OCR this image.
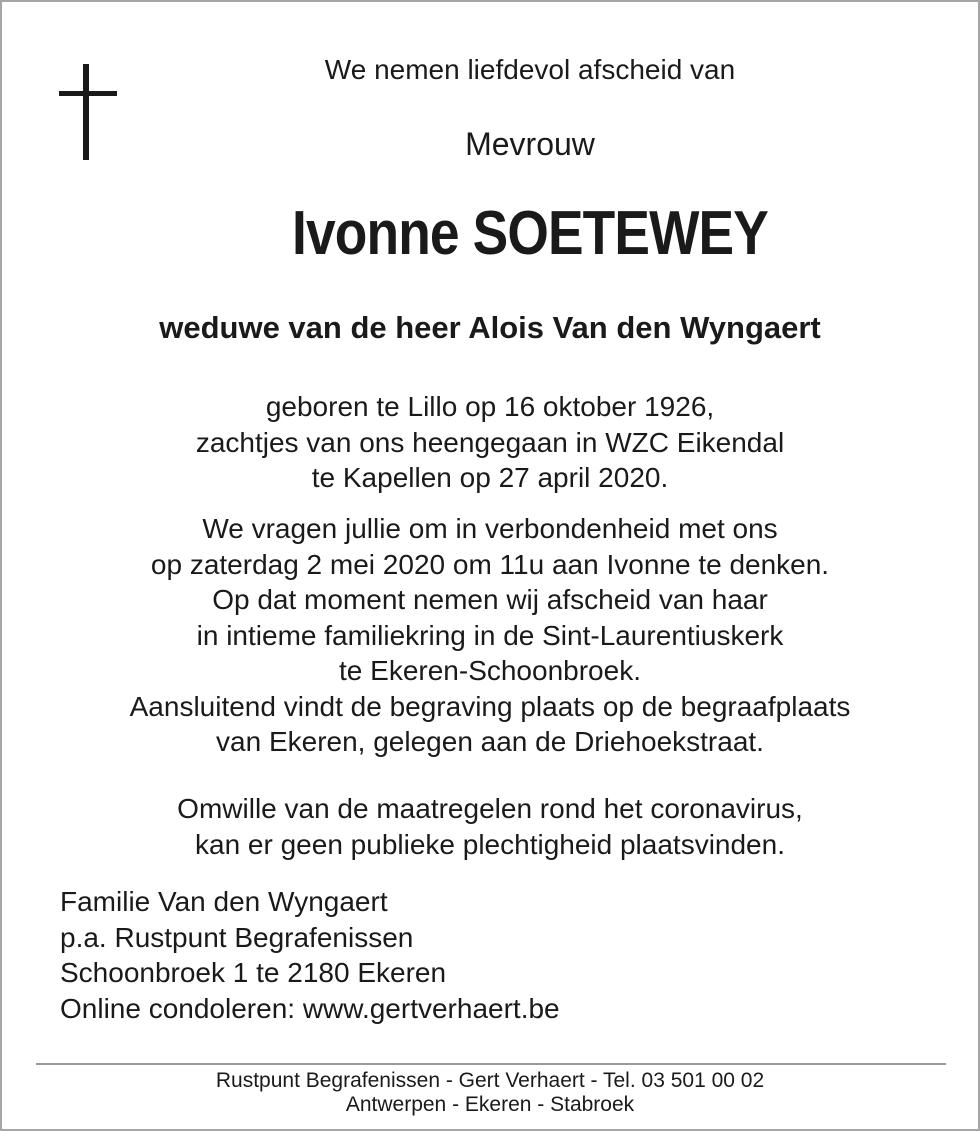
We nemen liefdevol afscheid van
Mevrouw
Ivonne SOETEWEY
weduwe van de heer Alois Van den Wyngaert
geboren te Lillo op 16 oktober 1926,
zachtjes van ons heengegaan in WZC Eikendal
te Kapellen op 27 april 2020.
We vragen jullie om in verbondenheid met ons
op zaterdag 2 mei 2020 om 11u aan Ivonne te denken.
Op dat moment nemen wij afscheid van haar
in intieme familiekring in de Sint-Laurentiuskerk
te Ekeren-Schoonbroek.
Aansluitend vindt de begraving plaats op de begraafplaats
van Ekeren, gelegen aan de Driehoekstraat.
Omwille van de maatregelen rond het coronavirus,
kan er geen publieke plechtigheid plaatsvinden.
Familie Van den Wyngaert
p.a. Rustpunt Begrafenissen
Schoonbroek 1 te 2180 Ekeren
Online condoleren: www.gertverhaert.be
Rustpunt Begrafenissen - Gert Verhaert - Tel. 03 501 00 02
Antwerpen - Ekeren - Stabroek
